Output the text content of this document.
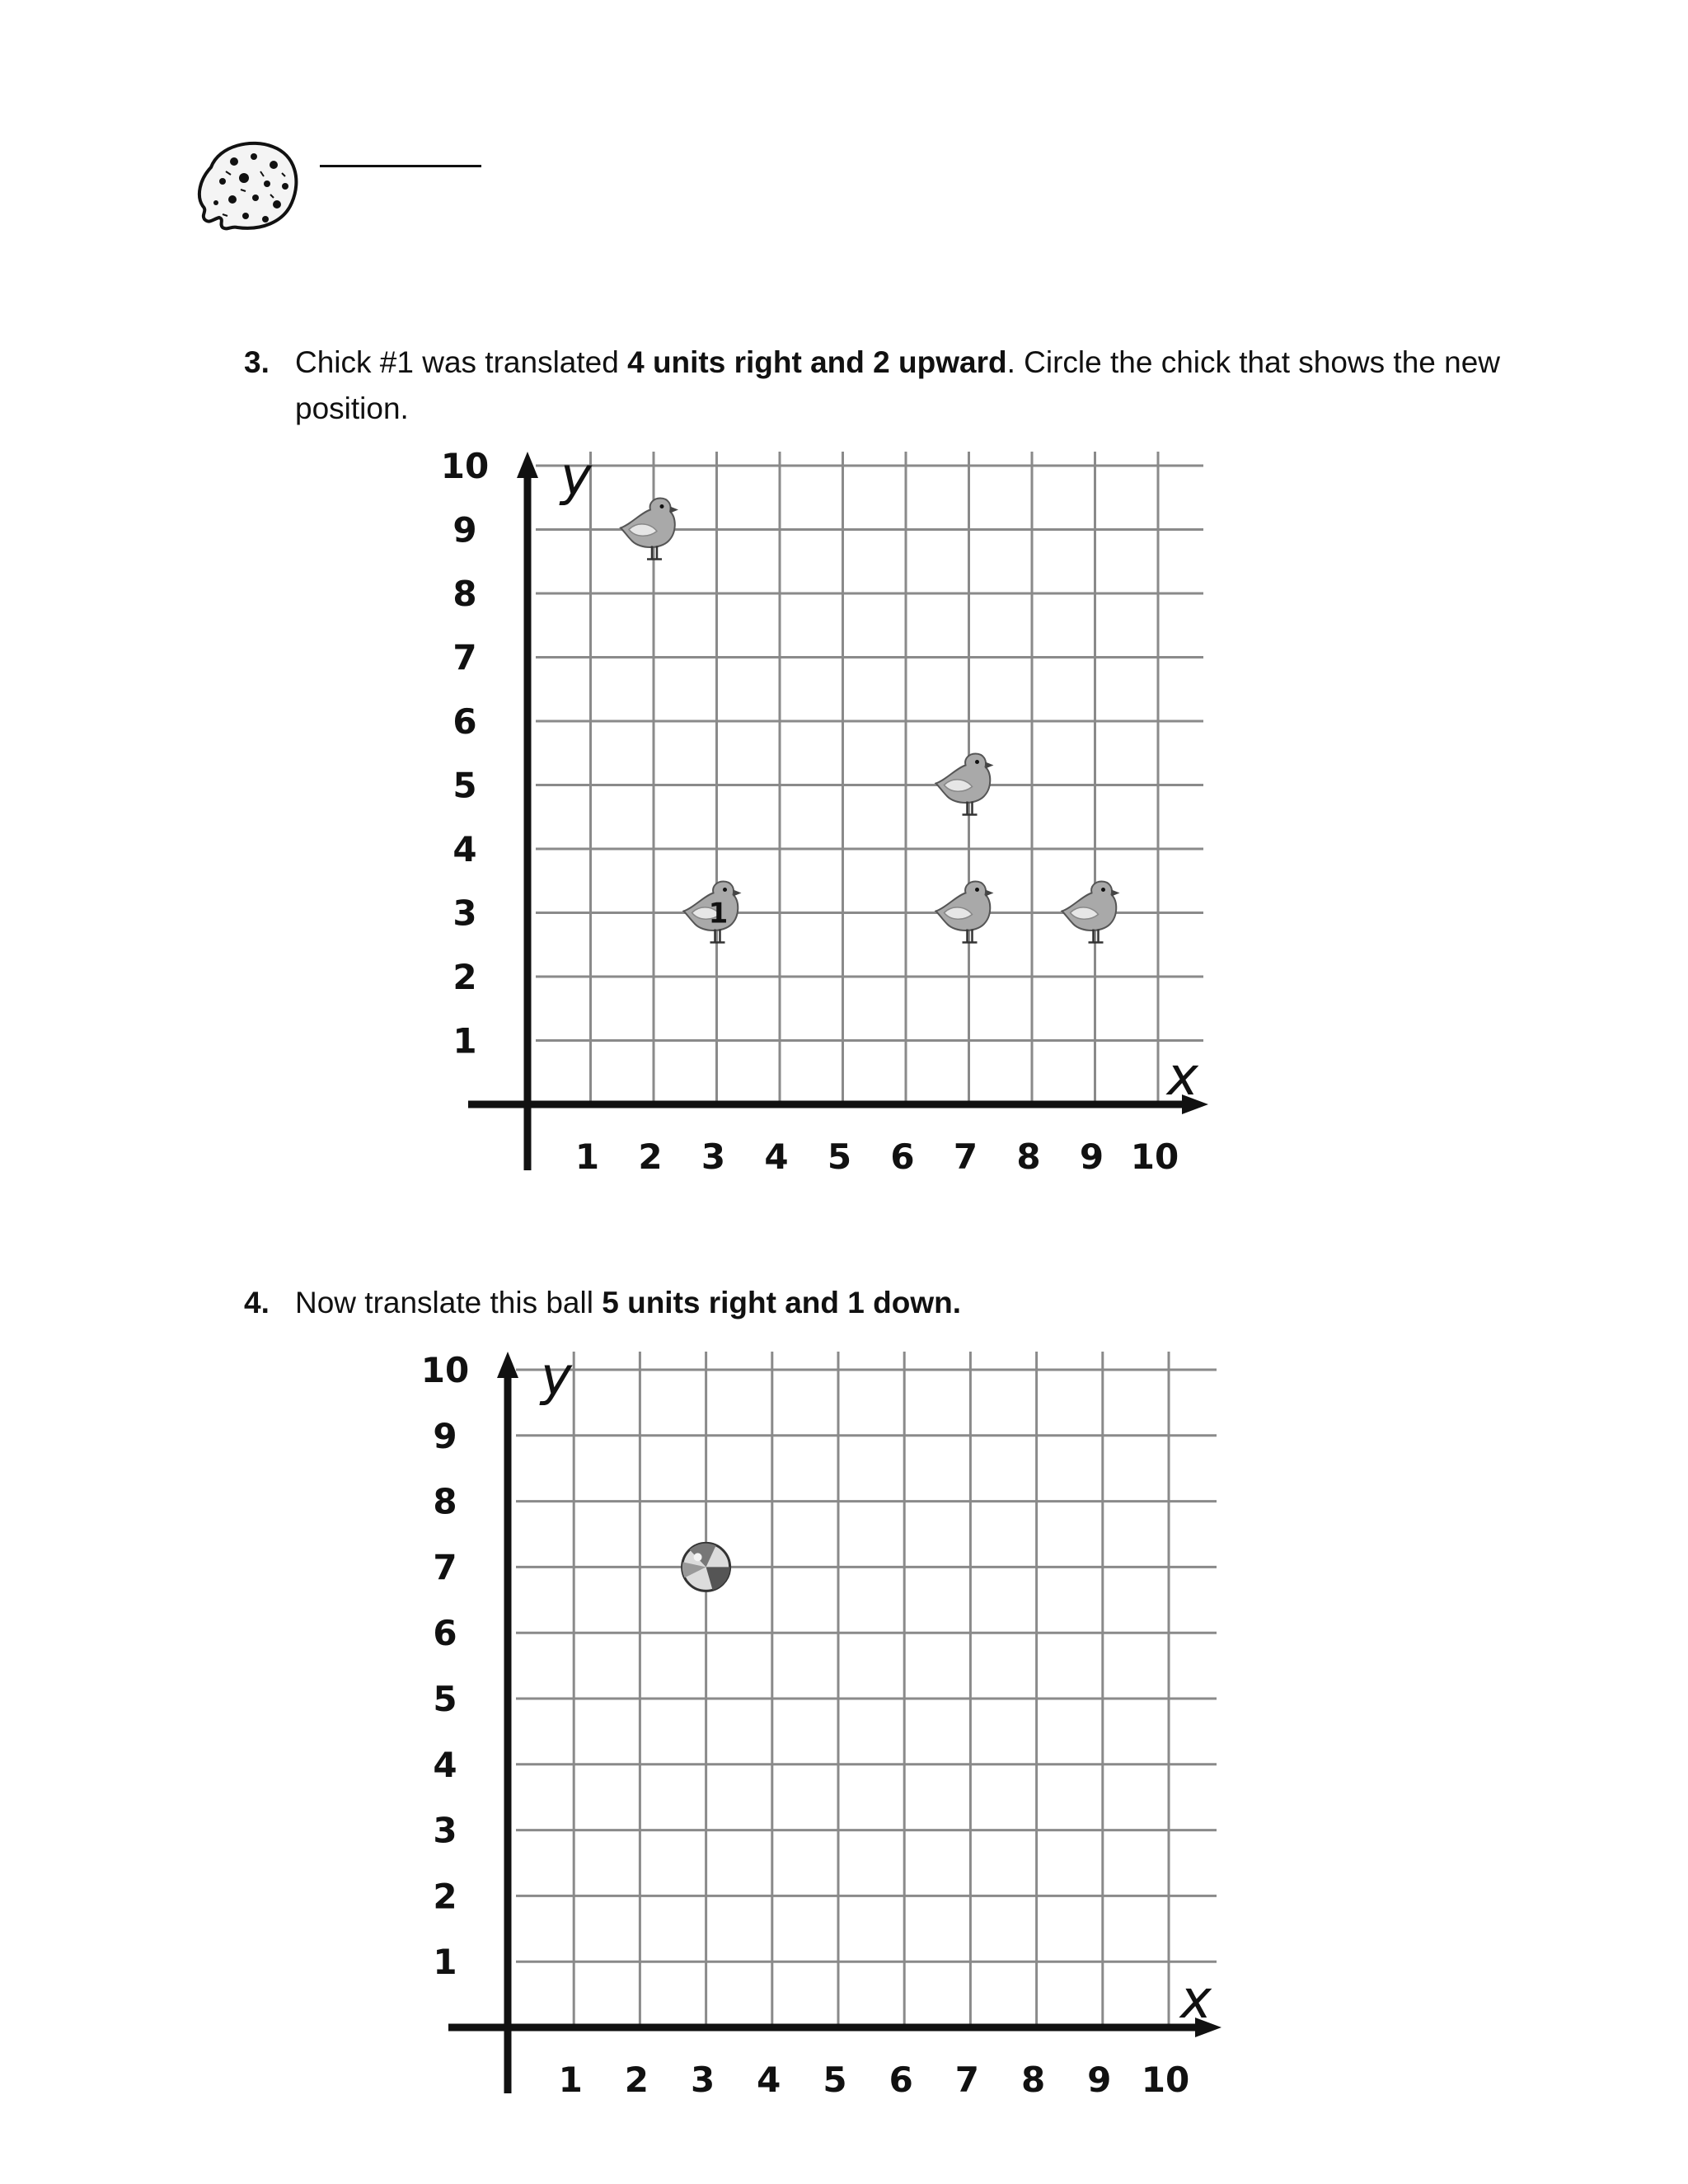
3. Chick #1 was translated 4 units right and 2 upward. Circle the chick that shows the new position.
y
x
1 2 3 4 5 6 7 8 9 10
1
2
3
4
5
6
7
8
9
10
1
4. Now translate this ball 5 units right and 1 down.
y
x
1 2 3 4 5 6 7 8 9 10
1
2
3
4
5
6
7
8
9
10
